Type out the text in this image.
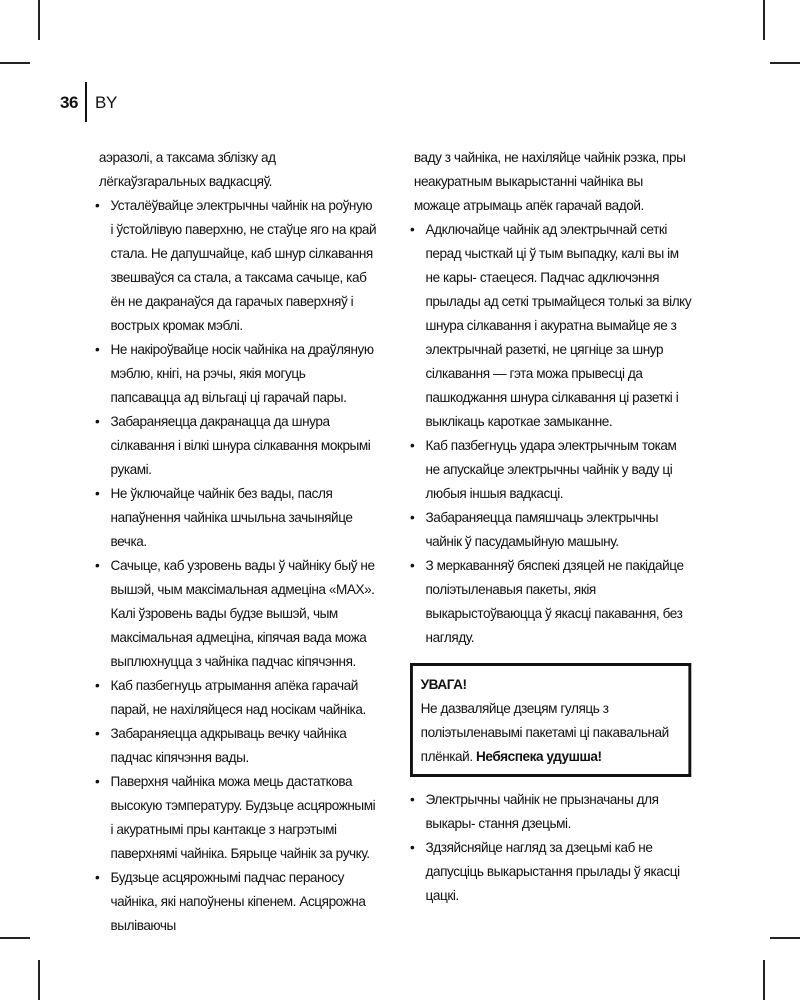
36 BY
аэразолі, а таксама зблізку ад лёгкаўзгаральных вадкасцяў.
• Усталёўвайце электрычны чайнік на роўную і ўстойлівую паверхню, не стаўце яго на край стала. Не дапушчайце, каб шнур сілкавання звешваўся са стала, а таксама сачыце, каб ён не дакранаўся да гарачых паверхняў і вострых кромак мэблі.
• Не накіроўвайце носік чайніка на драўляную мэблю, кнігі, на рэчы, якія могуць папсавацца ад вільгаці ці гарачай пары.
• Забараняецца дакранацца да шнура сілкавання і вілкі шнура сілкавання мокрымі рукамі.
• Не ўключайце чайнік без вады, пасля напаўнення чайніка шчыльна зачыняйце вечка.
• Сачыце, каб узровень вады ў чайніку быў не вышэй, чым максімальная адмеціна «MAX». Калі ўзровень вады будзе вышэй, чым максімальная адмеціна, кіпячая вада можа выплюхнуцца з чайніка падчас кіпячэння.
• Каб пазбегнуць атрымання апёка гарачай парай, не нахіляйцеся над носікам чайніка.
• Забараняецца адкрываць вечку чайніка падчас кіпячэння вады.
• Паверхня чайніка можа мець дастаткова высокую тэмпературу. Будзьце асцярожнымі і акуратнымі пры кантакце з нагрэтымі паверхнямі чайніка. Бярыце чайнік за ручку.
• Будзьце асцярожнымі падчас пераносу чайніка, які напоўнены кіпенем. Асцярожна выліваючы
ваду з чайніка, не нахіляйце чайнік рэзка, пры неакуратным выкарыстанні чайніка вы можаце атрымаць апёк гарачай вадой.
• Адключайце чайнік ад электрычнай сеткі перад чысткай ці ў тым выпадку, калі вы ім не кары- стаецеся. Падчас адключэння прылады ад сеткі трымайцеся толькі за вілку шнура сілкавання і акуратна вымайце яе з электрычнай разеткі, не цягніце за шнур сілкавання — гэта можа прывесці да пашкоджання шнура сілкавання ці разеткі і выклікаць кароткае замыканне.
• Каб пазбегнуць удара электрычным токам не апускайце электрычны чайнік у ваду ці любыя іншыя вадкасці.
• Забараняецца памяшчаць электрычны чайнік ў пасудамыйную машыну.
• З меркаванняў бяспекі дзяцей не пакідайце поліэтыленавыя пакеты, якія выкарыстоўваюцца ў якасці пакавання, без нагляду.
УВАГА!
Не дазваляйце дзецям гуляць з поліэтыленавымі пакетамі ці пакавальнай плёнкай. Небяспека удушша!
• Электрычны чайнік не прызначаны для выкары- стання дзецьмі.
• Здзяйсняйце нагляд за дзецьмі каб не дапусціць выкарыстання прылады ў якасці цацкі.
